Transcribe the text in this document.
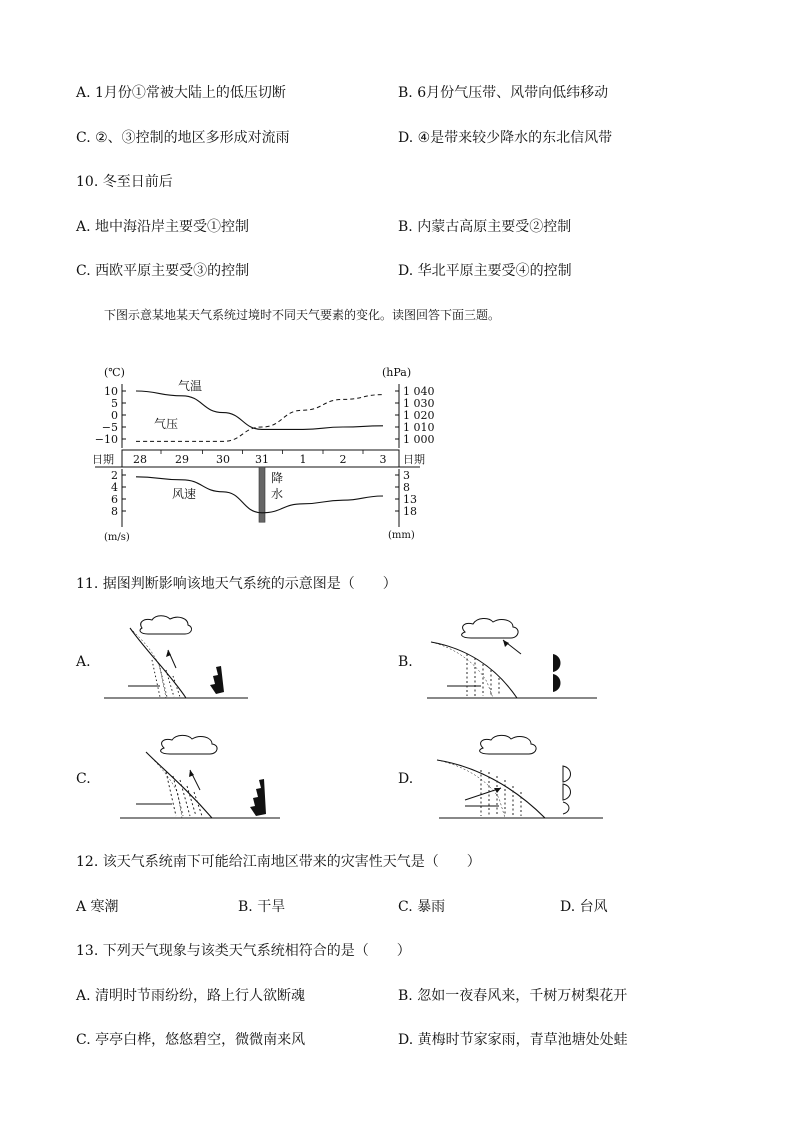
A. 1月份①常被大陆上的低压切断	B. 6月份气压带、风带向低纬移动
C. ②、③控制的地区多形成对流雨	D. ④是带来较少降水的东北信风带
10. 冬至日前后
A. 地中海沿岸主要受①控制	B. 内蒙古高原主要受②控制
C. 西欧平原主要受③的控制	D. 华北平原主要受④的控制
下图示意某地某天气系统过境时不同天气要素的变化。读图回答下面三题。
(℃)	(hPa)
10
5
0
−5
−10
1 040
1 030
1 020
1 010
1 000
气温
气压
日期	日期
28	29 30 31	1	2	3
2
4
6
8
3
8
13
18
降
水
风速
(m/s)	(mm)
11. 据图判断影响该地天气系统的示意图是（　　）
A.	B.
C.	D.
12. 该天气系统南下可能给江南地区带来的灾害性天气是（　　）
A 寒潮	B. 干旱	C. 暴雨	D. 台风
13. 下列天气现象与该类天气系统相符合的是（　　）
A. 清明时节雨纷纷，路上行人欲断魂	B. 忽如一夜春风来，千树万树梨花开
C. 亭亭白桦，悠悠碧空，微微南来风	D. 黄梅时节家家雨，青草池塘处处蛙
